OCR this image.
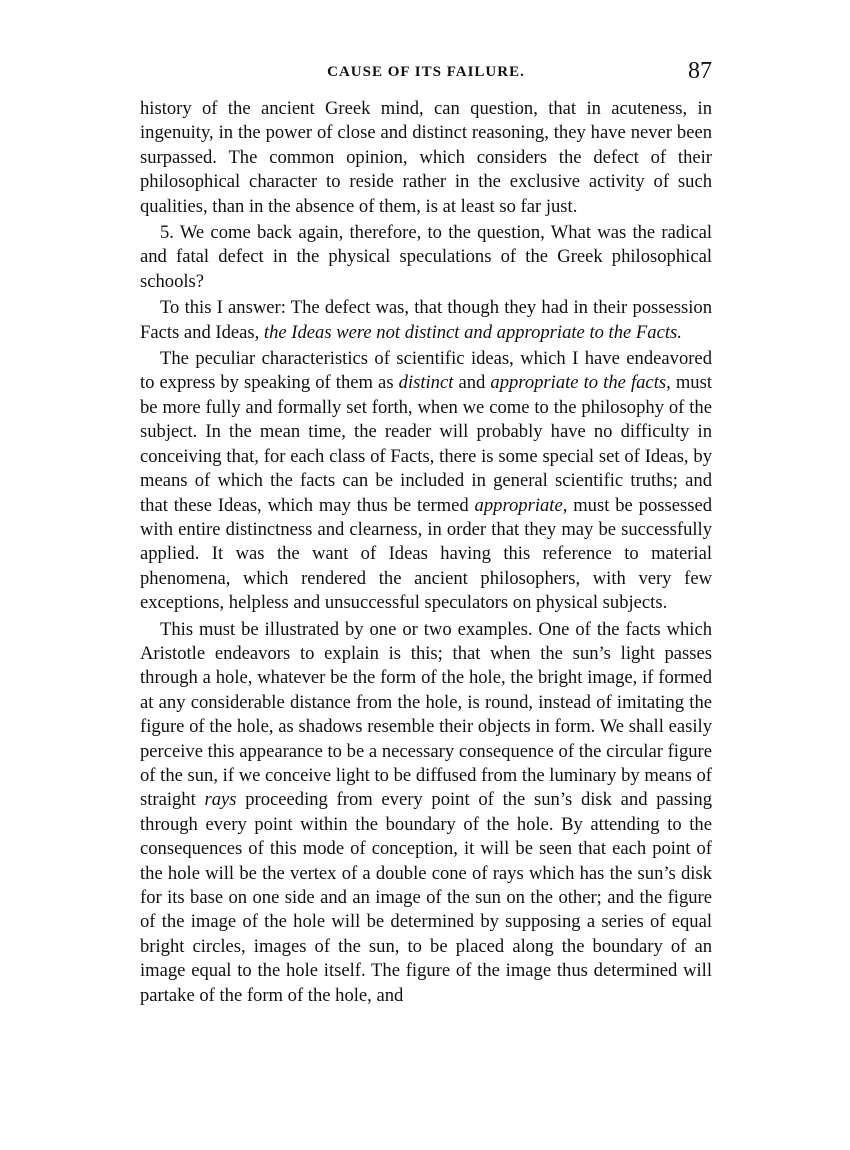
CAUSE OF ITS FAILURE.	87

history of the ancient Greek mind, can question, that in acuteness, in ingenuity, in the power of close and distinct reasoning, they have never been surpassed. The common opinion, which considers the defect of their philosophical character to reside rather in the exclusive activity of such qualities, than in the absence of them, is at least so far just.

5. We come back again, therefore, to the question, What was the radical and fatal defect in the physical speculations of the Greek philosophical schools?

To this I answer: The defect was, that though they had in their possession Facts and Ideas, the Ideas were not distinct and appropriate to the Facts.

The peculiar characteristics of scientific ideas, which I have endeavored to express by speaking of them as distinct and appropriate to the facts, must be more fully and formally set forth, when we come to the philosophy of the subject. In the mean time, the reader will probably have no difficulty in conceiving that, for each class of Facts, there is some special set of Ideas, by means of which the facts can be included in general scientific truths; and that these Ideas, which may thus be termed appropriate, must be possessed with entire distinctness and clearness, in order that they may be successfully applied. It was the want of Ideas having this reference to material phenomena, which rendered the ancient philosophers, with very few exceptions, helpless and unsuccessful speculators on physical subjects.

This must be illustrated by one or two examples. One of the facts which Aristotle endeavors to explain is this; that when the sun’s light passes through a hole, whatever be the form of the hole, the bright image, if formed at any considerable distance from the hole, is round, instead of imitating the figure of the hole, as shadows resemble their objects in form. We shall easily perceive this appearance to be a necessary consequence of the circular figure of the sun, if we conceive light to be diffused from the luminary by means of straight rays proceeding from every point of the sun’s disk and passing through every point within the boundary of the hole. By attending to the consequences of this mode of conception, it will be seen that each point of the hole will be the vertex of a double cone of rays which has the sun’s disk for its base on one side and an image of the sun on the other; and the figure of the image of the hole will be determined by supposing a series of equal bright circles, images of the sun, to be placed along the boundary of an image equal to the hole itself. The figure of the image thus determined will partake of the form of the hole, and
